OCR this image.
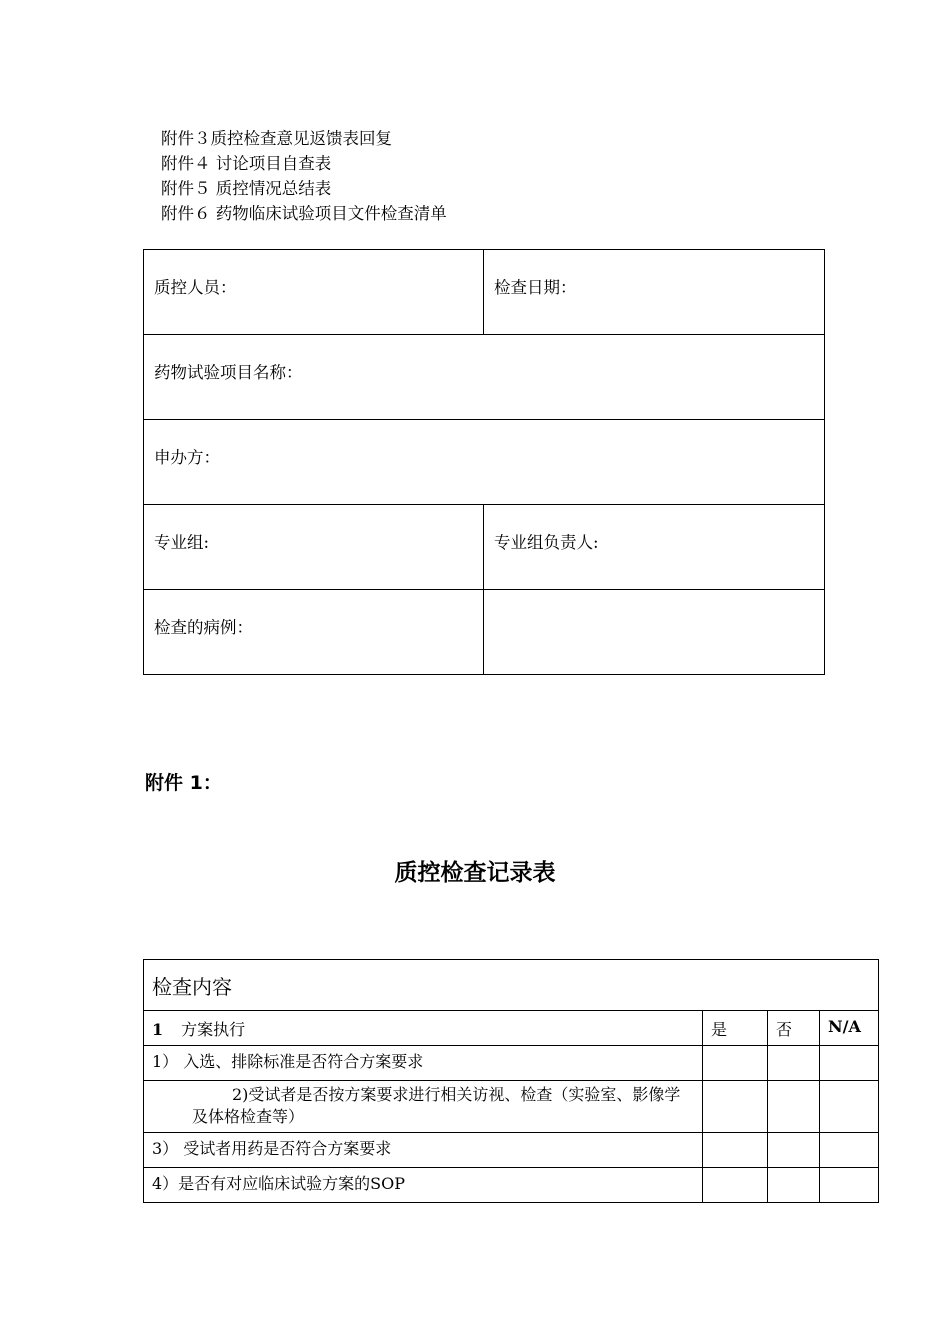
附件３质控检查意见返馈表回复
附件４ 讨论项目自查表
附件５ 质控情况总结表
附件６ 药物临床试验项目文件检查清单
质控人员：	检查日期：

药物试验项目名称：	

申办方：	

专业组:	专业组负责人:

检查的病例：	

附件 1：
质控检查记录表
检查内容			
1 方案执行	是	否	N/A
1） 入选、排除标准是否符合方案要求			
2)受试者是否按方案要求进行相关访视、检查（实验室、影像学及体格检查等）			
3） 受试者用药是否符合方案要求			
4）是否有对应临床试验方案的SOP			
